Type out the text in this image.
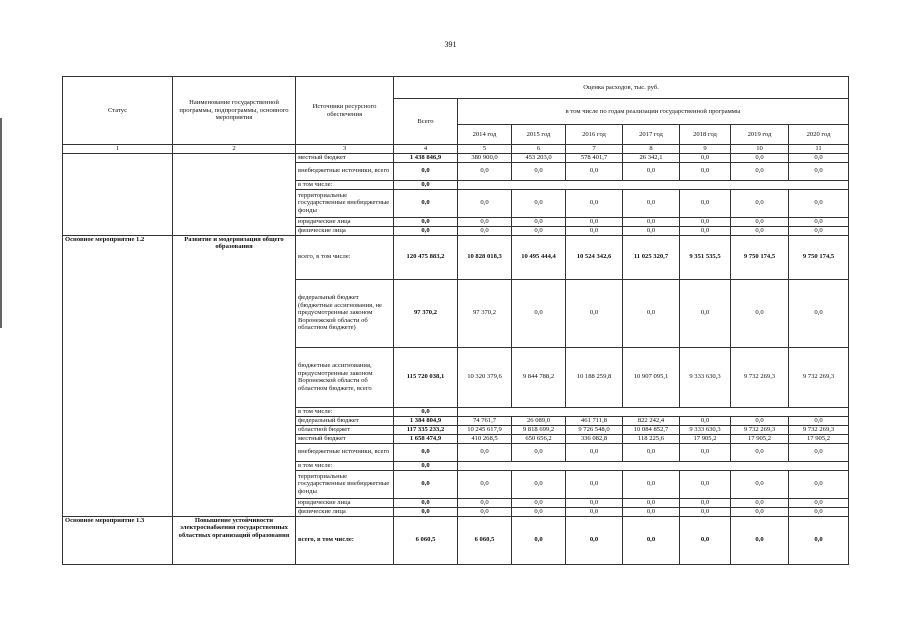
391
Статус	Наименование государственной программы, подпрограммы, основного мероприятия	Источники ресурсного обеспечения	Оценка расходов, тыс. руб.							
			Всего	в том числе по годам реализации государственной программы						
				2014 год	2015 год	2016 год	2017 год	2018 год	2019 год	2020 год
1	2	3	4	5	6	7	8	9	10	11
		местный бюджет	1 438 846,9	380 900,0	453 203,0	578 401,7	26 342,1	0,0	0,0	0,0
		внебюджетные источники, всего	0,0	0,0	0,0	0,0	0,0	0,0	0,0	0,0
		в том числе:	0,0							
		территориальные государственные внебюджетные фонды	0,0	0,0	0,0	0,0	0,0	0,0	0,0	0,0
		юридические лица	0,0	0,0	0,0	0,0	0,0	0,0	0,0	0,0
		физические лица	0,0	0,0	0,0	0,0	0,0	0,0	0,0	0,0
Основное мероприятие 1.2	Развитие и модернизация общего образования	всего, в том числе:	120 475 883,2	10 828 018,3	10 495 444,4	10 524 342,6	11 025 320,7	9 351 535,5	9 750 174,5	9 750 174,5
		федеральный бюджет (бюджетные ассигнования, не предусмотренные законом Воронежской области об областном бюджете)	97 370,2	97 370,2	0,0	0,0	0,0	0,0	0,0	0,0
		бюджетные ассигнования, предусмотренные законом Воронежской области об областном бюджете, всего	115 720 038,1	10 320 379,6	9 844 788,2	10 188 259,8	10 907 095,1	9 333 630,3	9 732 269,3	9 732 269,3
		в том числе:	0,0							
		федеральный бюджет	1 384 804,9	74 761,7	26 089,0	461 711,8	822 242,4	0,0	0,0	0,0
		областной бюджет	117 335 233,2	10 245 617,9	9 818 699,2	9 726 548,0	10 084 852,7	9 333 630,3	9 732 269,3	9 732 269,3
		местный бюджет	1 658 474,9	410 268,5	650 656,2	336 082,8	118 225,6	17 905,2	17 905,2	17 905,2
		внебюджетные источники, всего	0,0	0,0	0,0	0,0	0,0	0,0	0,0	0,0
		в том числе:	0,0							
		территориальные государственные внебюджетные фонды	0,0	0,0	0,0	0,0	0,0	0,0	0,0	0,0
		юридические лица	0,0	0,0	0,0	0,0	0,0	0,0	0,0	0,0
		физические лица	0,0	0,0	0,0	0,0	0,0	0,0	0,0	0,0
Основное мероприятие 1.3	Повышение устойчивости электроснабжения государственных областных организаций образования	всего, в том числе:	6 060,5	6 060,5	0,0	0,0	0,0	0,0	0,0	0,0
